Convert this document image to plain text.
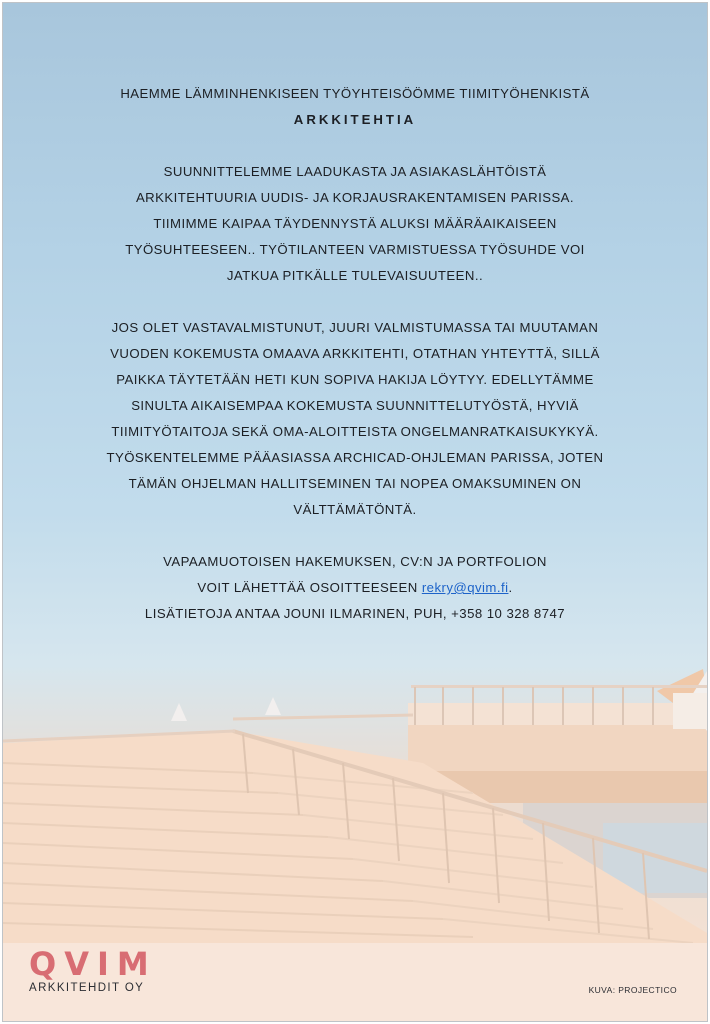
HAEMME LÄMMINHENKISEEN TYÖYHTEISÖÖMME TIIMITYÖHENKISTÄ
ARKKITEHTIA
SUUNNITTELEMME LAADUKASTA JA ASIAKASLÄHTÖISTÄ
ARKKITEHTUURIA UUDIS- JA KORJAUSRAKENTAMISEN PARISSA.
TIIMIMME KAIPAA TÄYDENNYSTÄ ALUKSI MÄÄRÄAIKAISEEN
TYÖSUHTEESEEN.. TYÖTILANTEEN VARMISTUESSA TYÖSUHDE VOI
JATKUA PITKÄLLE TULEVAISUUTEEN..
JOS OLET VASTAVALMISTUNUT, JUURI VALMISTUMASSA TAI MUUTAMAN
VUODEN KOKEMUSTA OMAAVA ARKKITEHTI, OTATHAN YHTEYTTÄ, SILLÄ
PAIKKA TÄYTETÄÄN HETI KUN SOPIVA HAKIJA LÖYTYY. EDELLYTÄMME
SINULTA AIKAISEMPAA KOKEMUSTA SUUNNITTELUTYÖSTÄ, HYVIÄ
TIIMITYÖTAITOJA SEKÄ OMA-ALOITTEISTA ONGELMANRATKAISUKYKYÄ.
TYÖSKENTELEMME PÄÄASIASSA ARCHICAD-OHJLEMAN PARISSA, JOTEN
TÄMÄN OHJELMAN HALLITSEMINEN TAI NOPEA OMAKSUMINEN ON
VÄLTTÄMÄTÖNTÄ.
VAPAAMUOTOISEN HAKEMUKSEN, CV:N JA PORTFOLION
VOIT LÄHETTÄÄ OSOITTEESEEN rekry@qvim.fi.
LISÄTIETOJA ANTAA JOUNI ILMARINEN, PUH, +358 10 328 8747
QVIM
ARKKITEHDIT OY	KUVA: PROJECTICO
